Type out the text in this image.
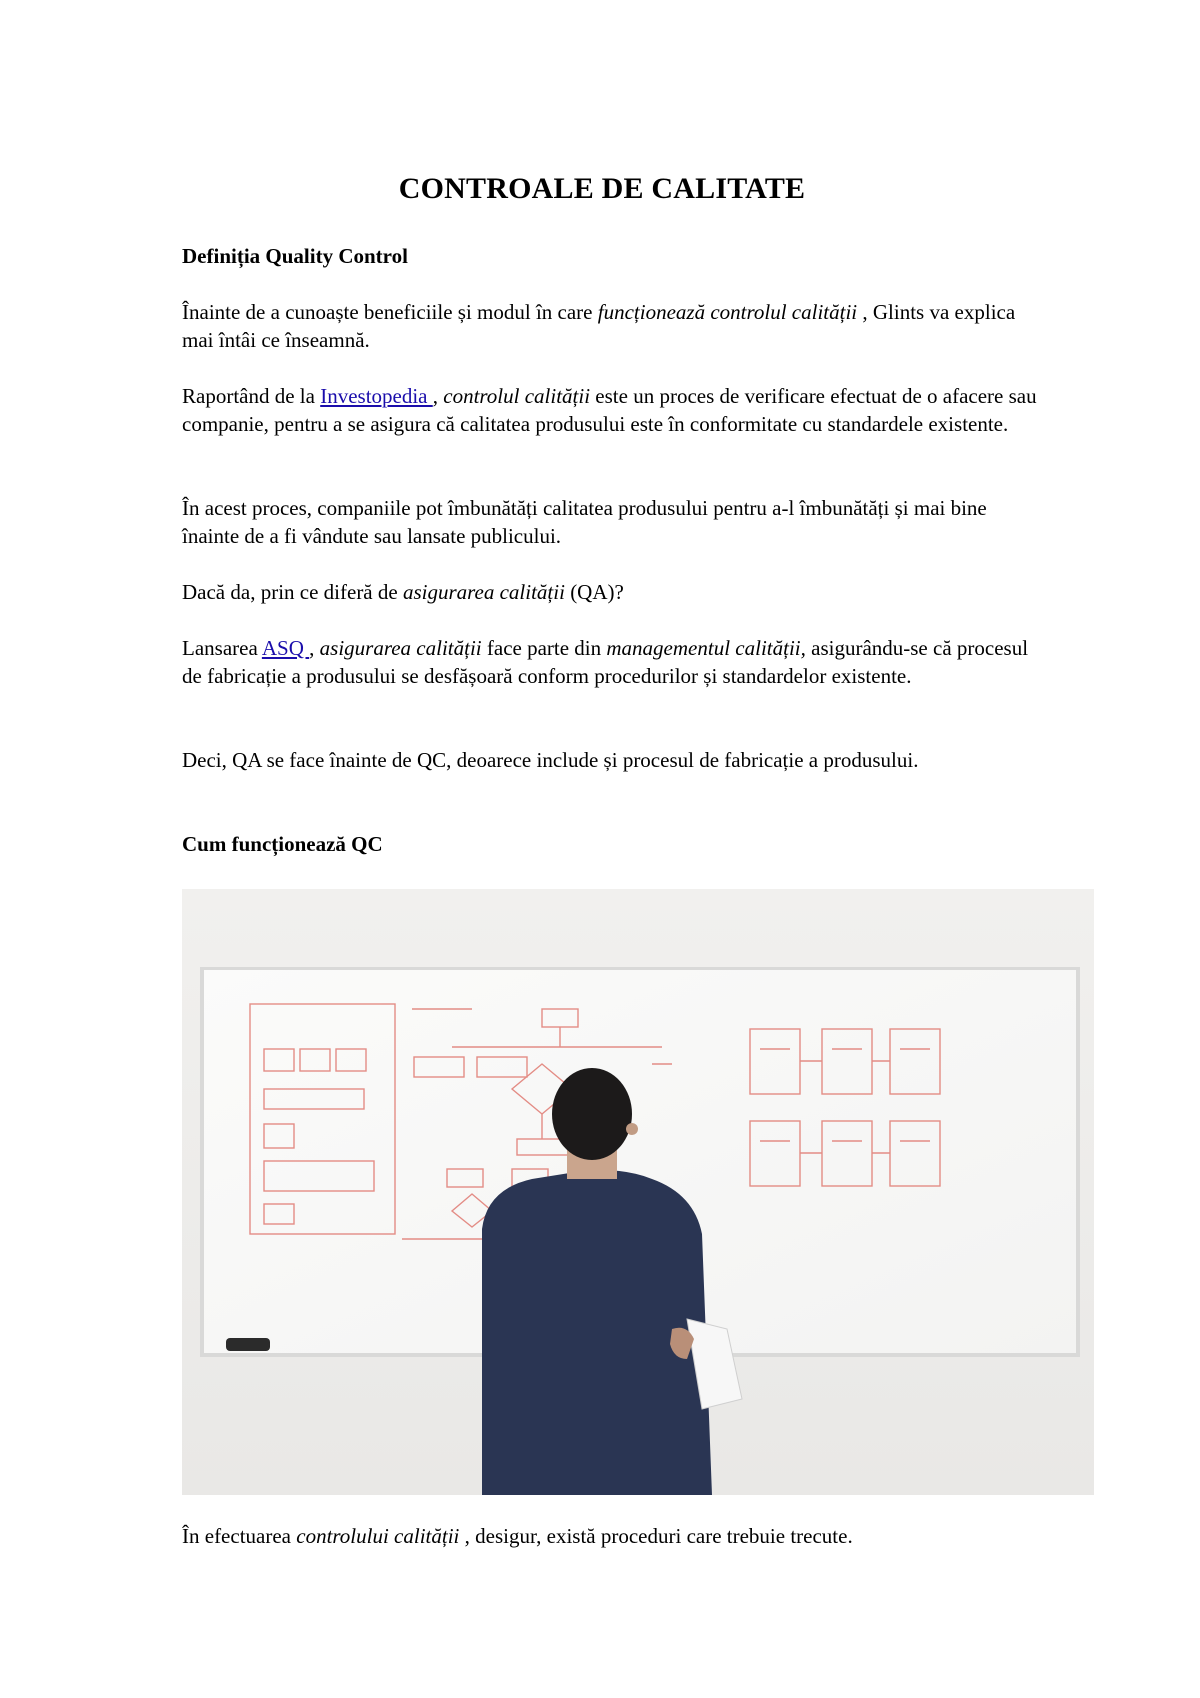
CONTROALE DE CALITATE

Definiția Quality Control

Înainte de a cunoaște beneficiile și modul în care funcționează controlul calității , Glints va explica mai întâi ce înseamnă.

Raportând de la Investopedia , controlul calității este un proces de verificare efectuat de o afacere sau companie, pentru a se asigura că calitatea produsului este în conformitate cu standardele existente.

În acest proces, companiile pot îmbunătăți calitatea produsului pentru a-l îmbunătăți și mai bine înainte de a fi vândute sau lansate publicului.

Dacă da, prin ce diferă de asigurarea calității (QA)?

Lansarea ASQ , asigurarea calității face parte din managementul calității, asigurându-se că procesul de fabricație a produsului se desfășoară conform procedurilor și standardelor existente.

Deci, QA se face înainte de QC, deoarece include și procesul de fabricație a produsului.

Cum funcționează QC

În efectuarea controlului calității , desigur, există proceduri care trebuie trecute.
